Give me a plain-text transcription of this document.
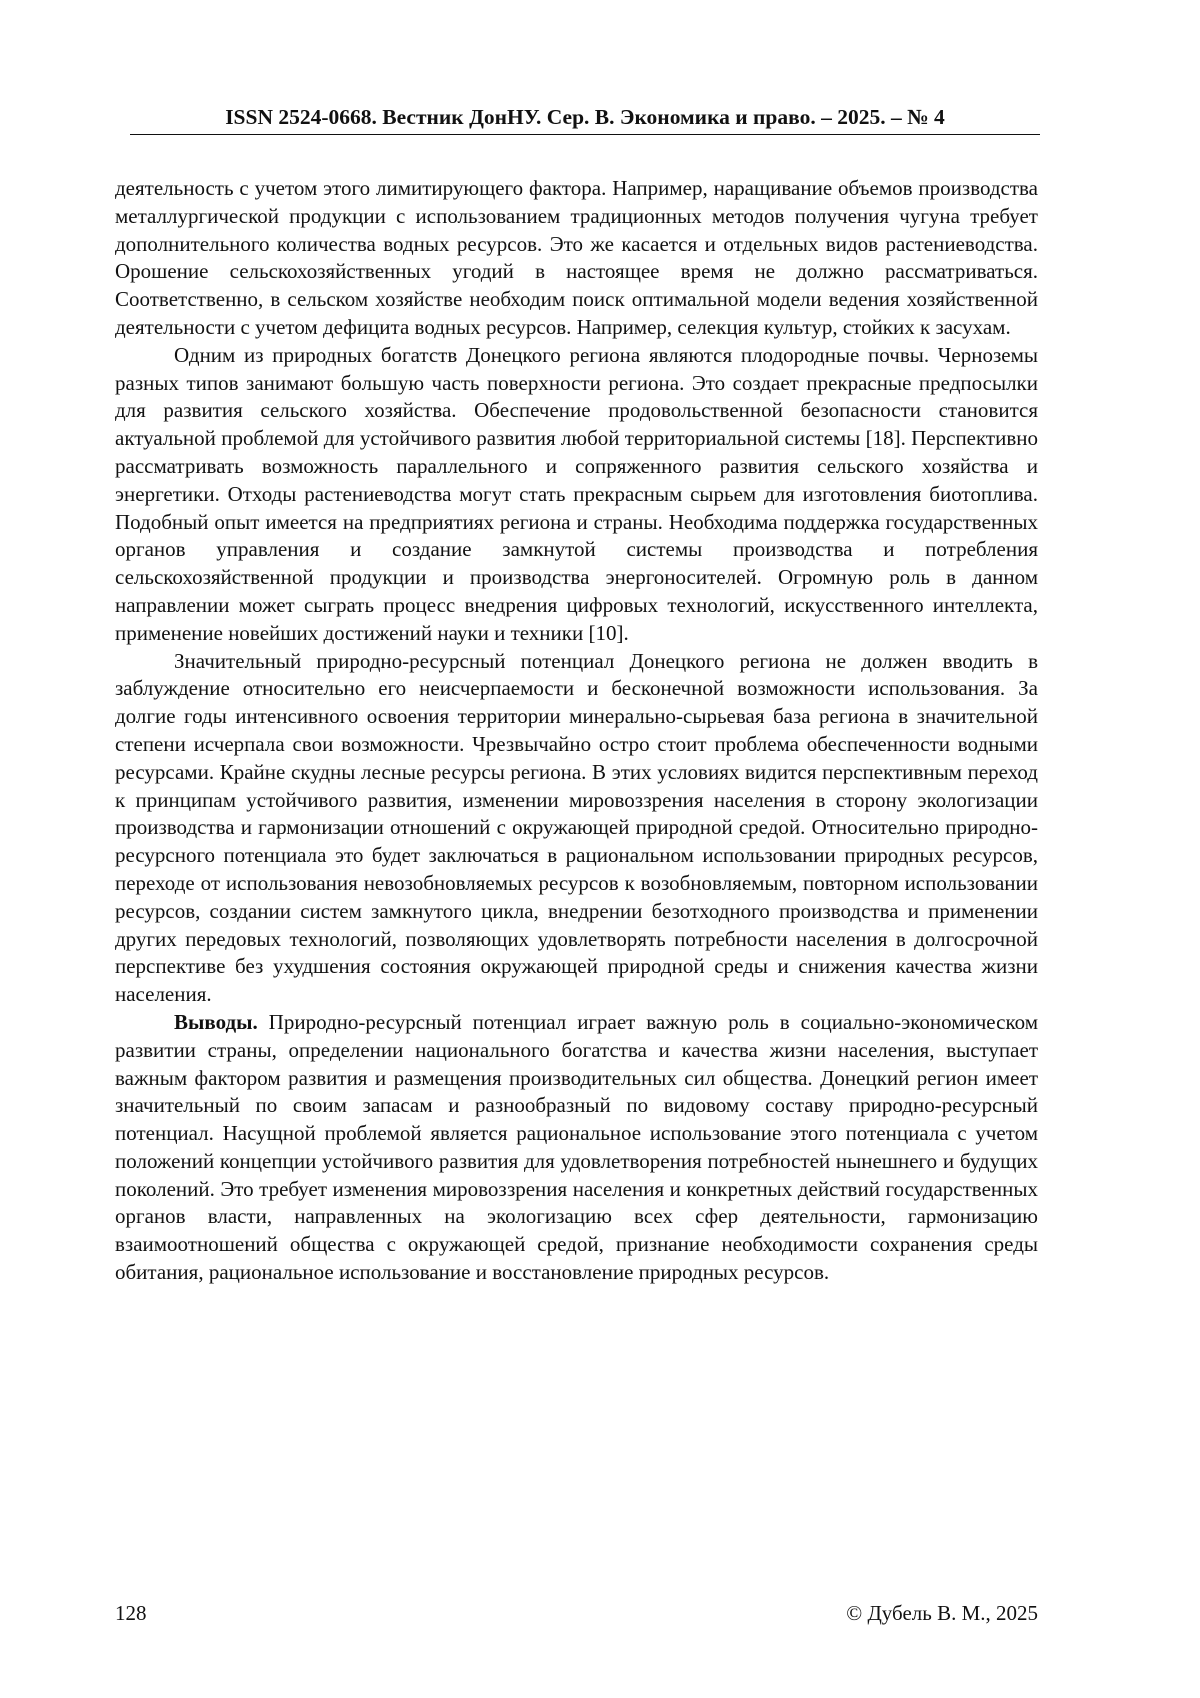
ISSN 2524-0668. Вестник ДонНУ. Сер. В. Экономика и право. – 2025. – № 4

деятельность с учетом этого лимитирующего фактора. Например, наращивание объемов производства металлургической продукции с использованием традиционных методов получения чугуна требует дополнительного количества водных ресурсов. Это же касается и отдельных видов растениеводства. Орошение сельскохозяйственных угодий в настоящее время не должно рассматриваться. Соответственно, в сельском хозяйстве необходим поиск оптимальной модели ведения хозяйственной деятельности с учетом дефицита водных ресурсов. Например, селекция культур, стойких к засухам.

Одним из природных богатств Донецкого региона являются плодородные почвы. Черноземы разных типов занимают большую часть поверхности региона. Это создает прекрасные предпосылки для развития сельского хозяйства. Обеспечение продовольственной безопасности становится актуальной проблемой для устойчивого развития любой территориальной системы [18]. Перспективно рассматривать возможность параллельного и сопряженного развития сельского хозяйства и энергетики. Отходы растениеводства могут стать прекрасным сырьем для изготовления биотоплива. Подобный опыт имеется на предприятиях региона и страны. Необходима поддержка государственных органов управления и создание замкнутой системы производства и потребления сельскохозяйственной продукции и производства энергоносителей. Огромную роль в данном направлении может сыграть процесс внедрения цифровых технологий, искусственного интеллекта, применение новейших достижений науки и техники [10].

Значительный природно-ресурсный потенциал Донецкого региона не должен вводить в заблуждение относительно его неисчерпаемости и бесконечной возможности использования. За долгие годы интенсивного освоения территории минерально-сырьевая база региона в значительной степени исчерпала свои возможности. Чрезвычайно остро стоит проблема обеспеченности водными ресурсами. Крайне скудны лесные ресурсы региона. В этих условиях видится перспективным переход к принципам устойчивого развития, изменении мировоззрения населения в сторону экологизации производства и гармонизации отношений с окружающей природной средой. Относительно природно-ресурсного потенциала это будет заключаться в рациональном использовании природных ресурсов, переходе от использования невозобновляемых ресурсов к возобновляемым, повторном использовании ресурсов, создании систем замкнутого цикла, внедрении безотходного производства и применении других передовых технологий, позволяющих удовлетворять потребности населения в долгосрочной перспективе без ухудшения состояния окружающей природной среды и снижения качества жизни населения.

Выводы. Природно-ресурсный потенциал играет важную роль в социально-экономическом развитии страны, определении национального богатства и качества жизни населения, выступает важным фактором развития и размещения производительных сил общества. Донецкий регион имеет значительный по своим запасам и разнообразный по видовому составу природно-ресурсный потенциал. Насущной проблемой является рациональное использование этого потенциала с учетом положений концепции устойчивого развития для удовлетворения потребностей нынешнего и будущих поколений. Это требует изменения мировоззрения населения и конкретных действий государственных органов власти, направленных на экологизацию всех сфер деятельности, гармонизацию взаимоотношений общества с окружающей средой, признание необходимости сохранения среды обитания, рациональное использование и восстановление природных ресурсов.

128	© Дубель В. М., 2025
